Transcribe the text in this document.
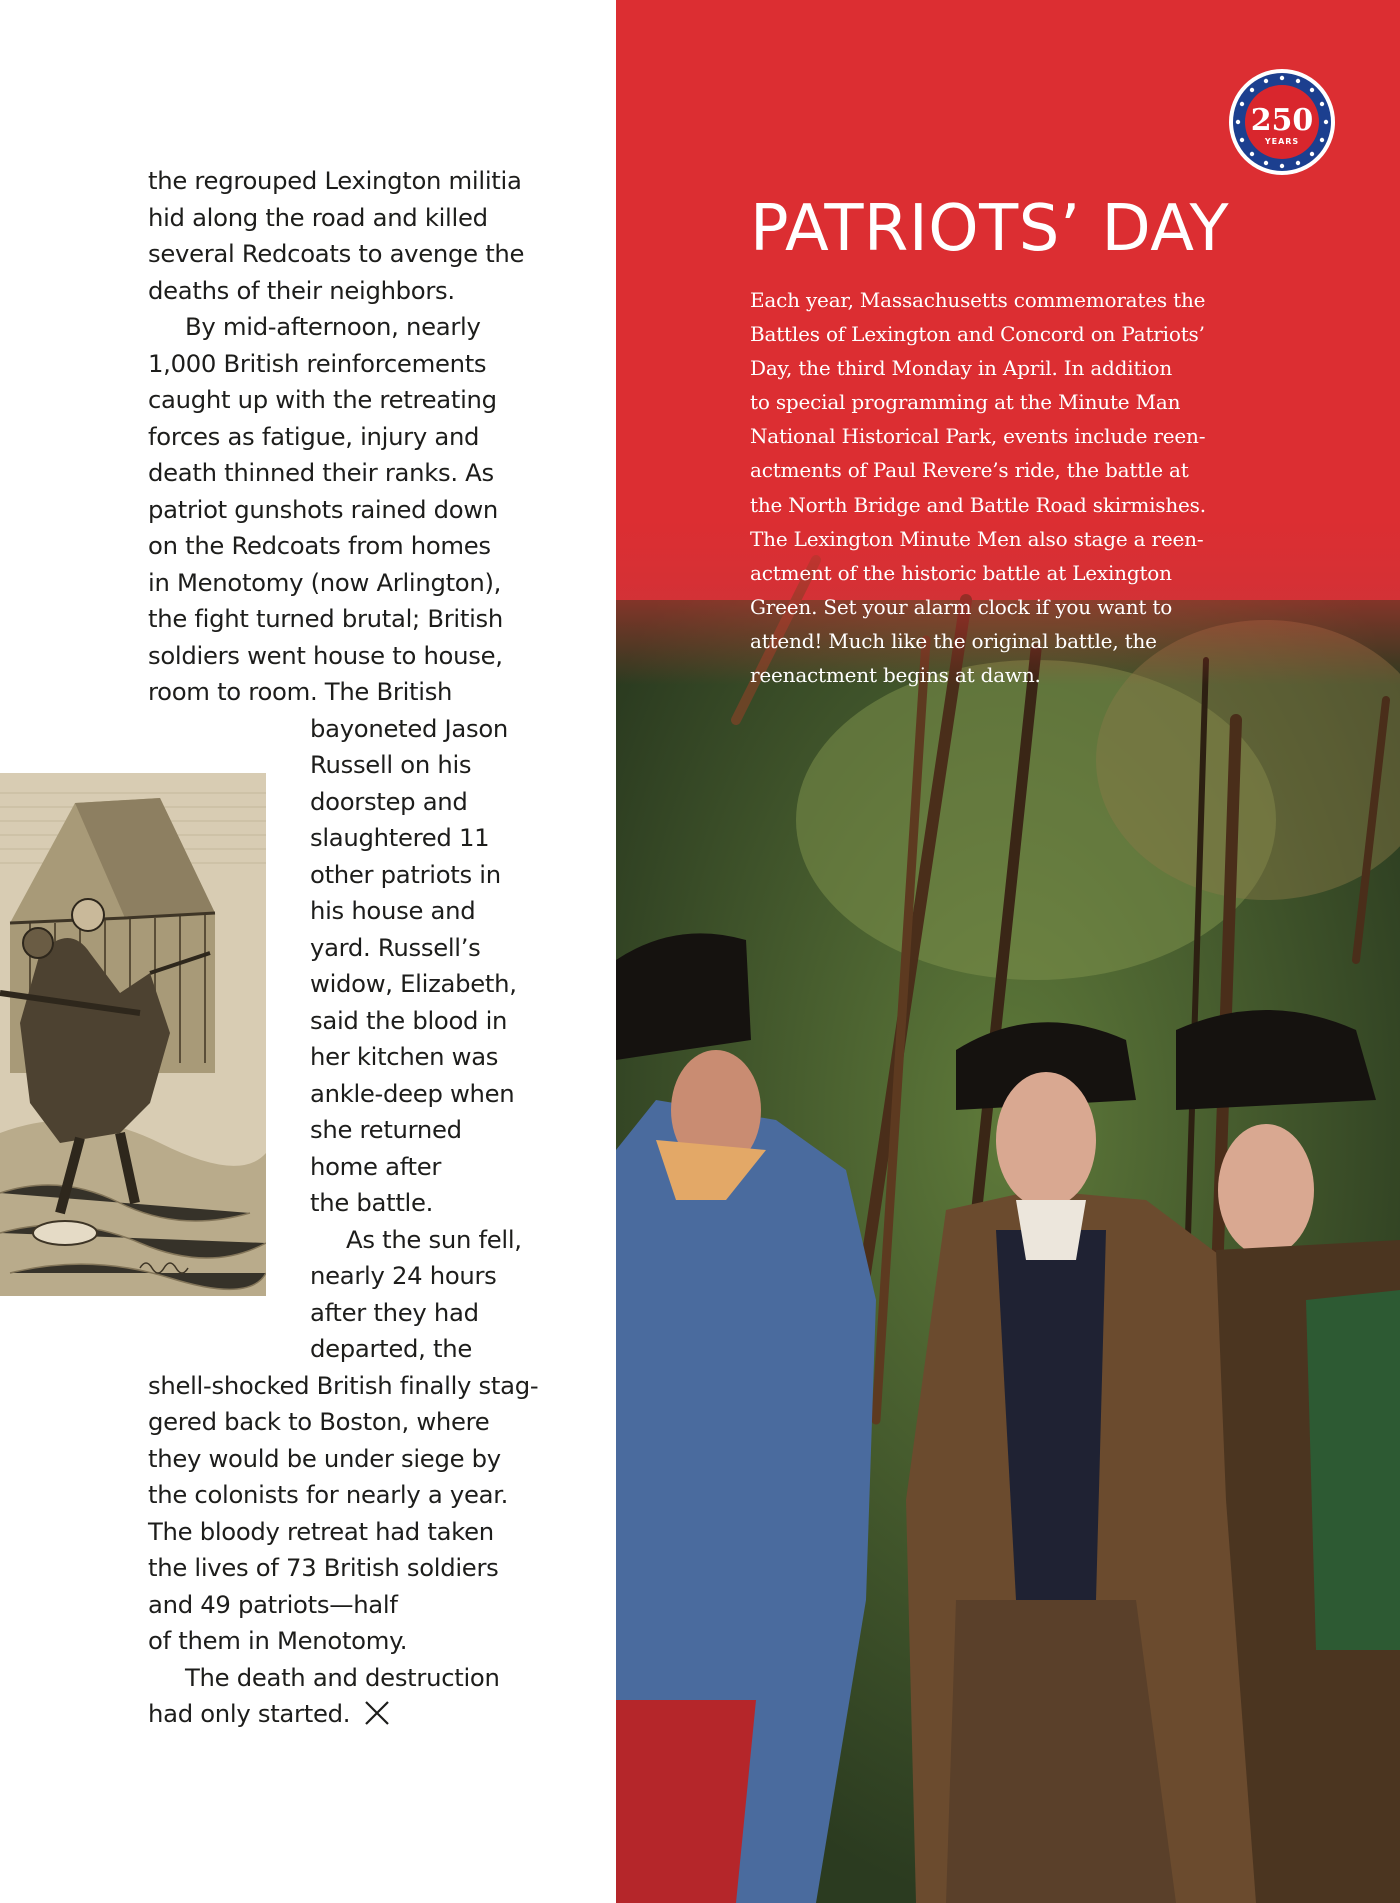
the regrouped Lexington militia
hid along the road and killed
several Redcoats to avenge the
deaths of their neighbors.
By mid-afternoon, nearly
1,000 British reinforcements
caught up with the retreating
forces as fatigue, injury and
death thinned their ranks. As
patriot gunshots rained down
on the Redcoats from homes
in Menotomy (now Arlington),
the fight turned brutal; British
soldiers went house to house,
room to room. The British
bayoneted Jason
Russell on his
doorstep and
slaughtered 11
other patriots in
his house and
yard. Russell’s
widow, Elizabeth,
said the blood in
her kitchen was
ankle-deep when
she returned
home after
the battle.
As the sun fell,
nearly 24 hours
after they had
departed, the
shell-shocked British finally stag-
gered back to Boston, where
they would be under siege by
the colonists for nearly a year.
The bloody retreat had taken
the lives of 73 British soldiers
and 49 patriots—half
of them in Menotomy.
The death and destruction
had only started.
250
YEARS
PATRIOTS’ DAY
Each year, Massachusetts commemorates the
Battles of Lexington and Concord on Patriots’
Day, the third Monday in April. In addition
to special programming at the Minute Man
National Historical Park, events include reen-
actments of Paul Revere’s ride, the battle at
the North Bridge and Battle Road skirmishes.
The Lexington Minute Men also stage a reen-
actment of the historic battle at Lexington
Green. Set your alarm clock if you want to
attend! Much like the original battle, the
reenactment begins at dawn.
